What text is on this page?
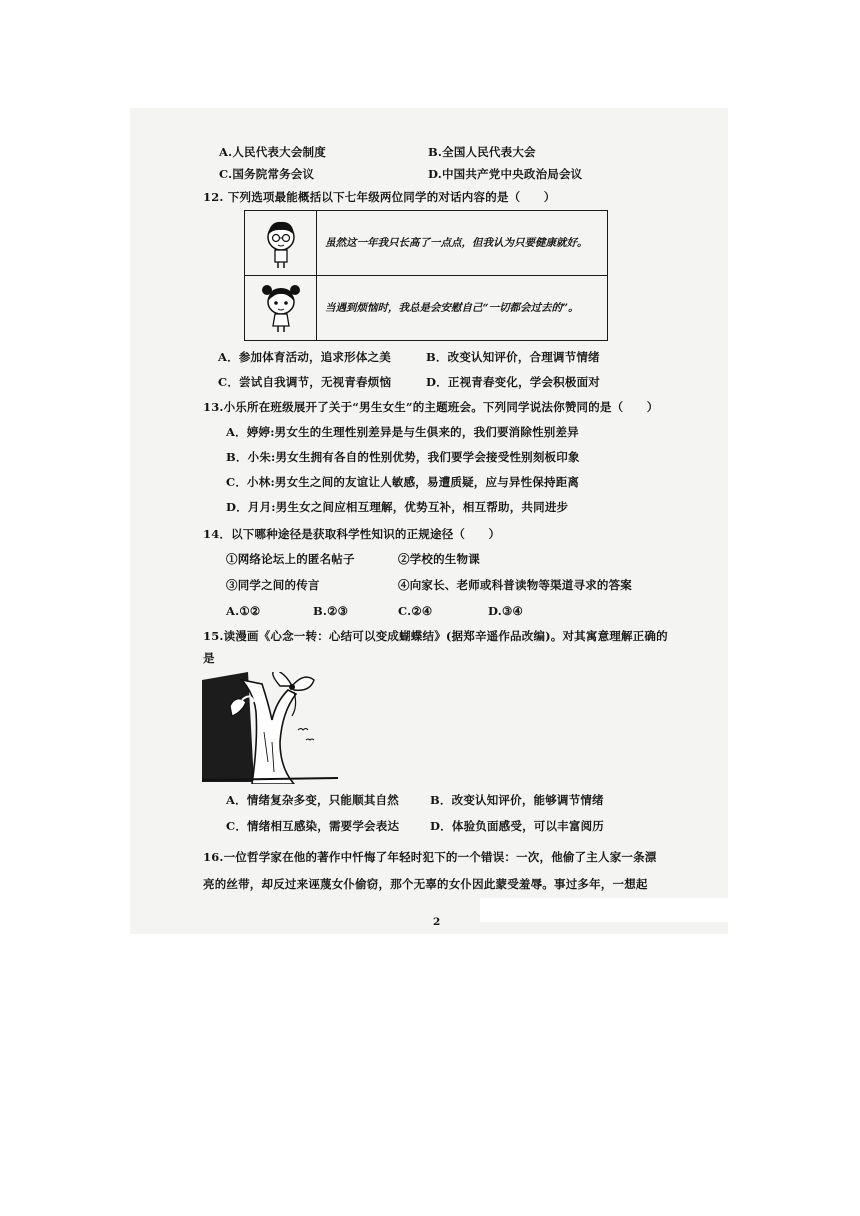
A.人民代表大会制度	B.全国人民代表大会
C.国务院常务会议	D.中国共产党中央政治局会议
12. 下列选项最能概括以下七年级两位同学的对话内容的是（　　）
虽然这一年我只长高了一点点，但我认为只要健康就好。
当遇到烦恼时，我总是会安慰自己“一切都会过去的”。
A．参加体育活动，追求形体之美	B．改变认知评价，合理调节情绪
C．尝试自我调节，无视青春烦恼	D．正视青春变化，学会积极面对
13.小乐所在班级展开了关于“男生女生”的主题班会。下列同学说法你赞同的是（　　）
A．婷婷:男女生的生理性别差异是与生俱来的，我们要消除性别差异
B．小朱:男女生拥有各自的性别优势，我们要学会接受性别刻板印象
C．小林:男女生之间的友谊让人敏感，易遭质疑，应与异性保持距离
D．月月:男生女之间应相互理解，优势互补，相互帮助，共同进步
14．以下哪种途径是获取科学性知识的正规途径（　　）
①网络论坛上的匿名帖子	②学校的生物课
③同学之间的传言	④向家长、老师或科普读物等渠道寻求的答案
A.①②	B.②③	C.②④	D.③④
15.读漫画《心念一转：心结可以变成蝴蝶结》(据郑辛遥作品改编)。对其寓意理解正确的
是
A．情绪复杂多变，只能顺其自然	B．改变认知评价，能够调节情绪
C．情绪相互感染，需要学会表达	D．体验负面感受，可以丰富阅历
16.一位哲学家在他的著作中忏悔了年轻时犯下的一个错误：一次，他偷了主人家一条漂
亮的丝带，却反过来诬蔑女仆偷窃，那个无辜的女仆因此蒙受羞辱。事过多年，一想起
2
